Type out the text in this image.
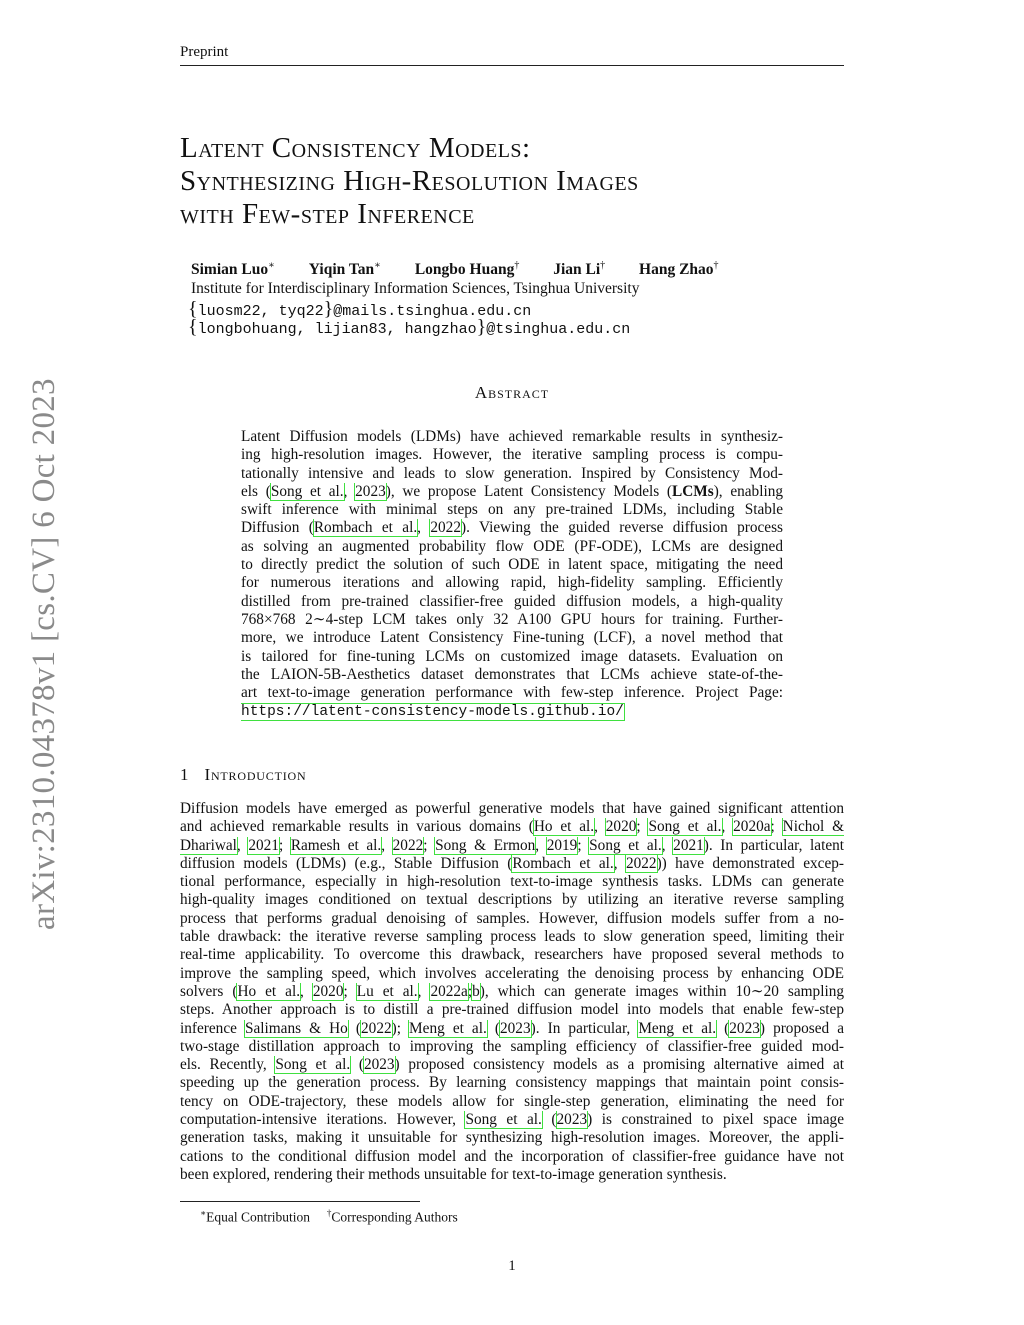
Preprint
arXiv:2310.04378v1 [cs.CV] 6 Oct 2023
Latent Consistency Models:
Synthesizing High-Resolution Images
with Few-step Inference
Simian Luo∗ Yiqin Tan∗ Longbo Huang† Jian Li† Hang Zhao†
Institute for Interdisciplinary Information Sciences, Tsinghua University
{luosm22, tyq22}@mails.tsinghua.edu.cn
{longbohuang, lijian83, hangzhao}@tsinghua.edu.cn
Abstract
Latent Diffusion models (LDMs) have achieved remarkable results in synthesiz-
ing high-resolution images. However, the iterative sampling process is compu-
tationally intensive and leads to slow generation. Inspired by Consistency Mod-
els (Song et al., 2023), we propose Latent Consistency Models (LCMs), enabling
swift inference with minimal steps on any pre-trained LDMs, including Stable
Diffusion (Rombach et al., 2022). Viewing the guided reverse diffusion process
as solving an augmented probability flow ODE (PF-ODE), LCMs are designed
to directly predict the solution of such ODE in latent space, mitigating the need
for numerous iterations and allowing rapid, high-fidelity sampling. Efficiently
distilled from pre-trained classifier-free guided diffusion models, a high-quality
768×768 2∼4-step LCM takes only 32 A100 GPU hours for training. Further-
more, we introduce Latent Consistency Fine-tuning (LCF), a novel method that
is tailored for fine-tuning LCMs on customized image datasets. Evaluation on
the LAION-5B-Aesthetics dataset demonstrates that LCMs achieve state-of-the-
art text-to-image generation performance with few-step inference. Project Page:
https://latent-consistency-models.github.io/
1 Introduction
Diffusion models have emerged as powerful generative models that have gained significant attention
and achieved remarkable results in various domains (Ho et al., 2020; Song et al., 2020a; Nichol &
Dhariwal, 2021; Ramesh et al., 2022; Song & Ermon, 2019; Song et al., 2021). In particular, latent
diffusion models (LDMs) (e.g., Stable Diffusion (Rombach et al., 2022)) have demonstrated excep-
tional performance, especially in high-resolution text-to-image synthesis tasks. LDMs can generate
high-quality images conditioned on textual descriptions by utilizing an iterative reverse sampling
process that performs gradual denoising of samples. However, diffusion models suffer from a no-
table drawback: the iterative reverse sampling process leads to slow generation speed, limiting their
real-time applicability. To overcome this drawback, researchers have proposed several methods to
improve the sampling speed, which involves accelerating the denoising process by enhancing ODE
solvers (Ho et al., 2020; Lu et al., 2022a;b), which can generate images within 10∼20 sampling
steps. Another approach is to distill a pre-trained diffusion model into models that enable few-step
inference Salimans & Ho (2022); Meng et al. (2023). In particular, Meng et al. (2023) proposed a
two-stage distillation approach to improving the sampling efficiency of classifier-free guided mod-
els. Recently, Song et al. (2023) proposed consistency models as a promising alternative aimed at
speeding up the generation process. By learning consistency mappings that maintain point consis-
tency on ODE-trajectory, these models allow for single-step generation, eliminating the need for
computation-intensive iterations. However, Song et al. (2023) is constrained to pixel space image
generation tasks, making it unsuitable for synthesizing high-resolution images. Moreover, the appli-
cations to the conditional diffusion model and the incorporation of classifier-free guidance have not
been explored, rendering their methods unsuitable for text-to-image generation synthesis.
∗Equal Contribution †Corresponding Authors
1
